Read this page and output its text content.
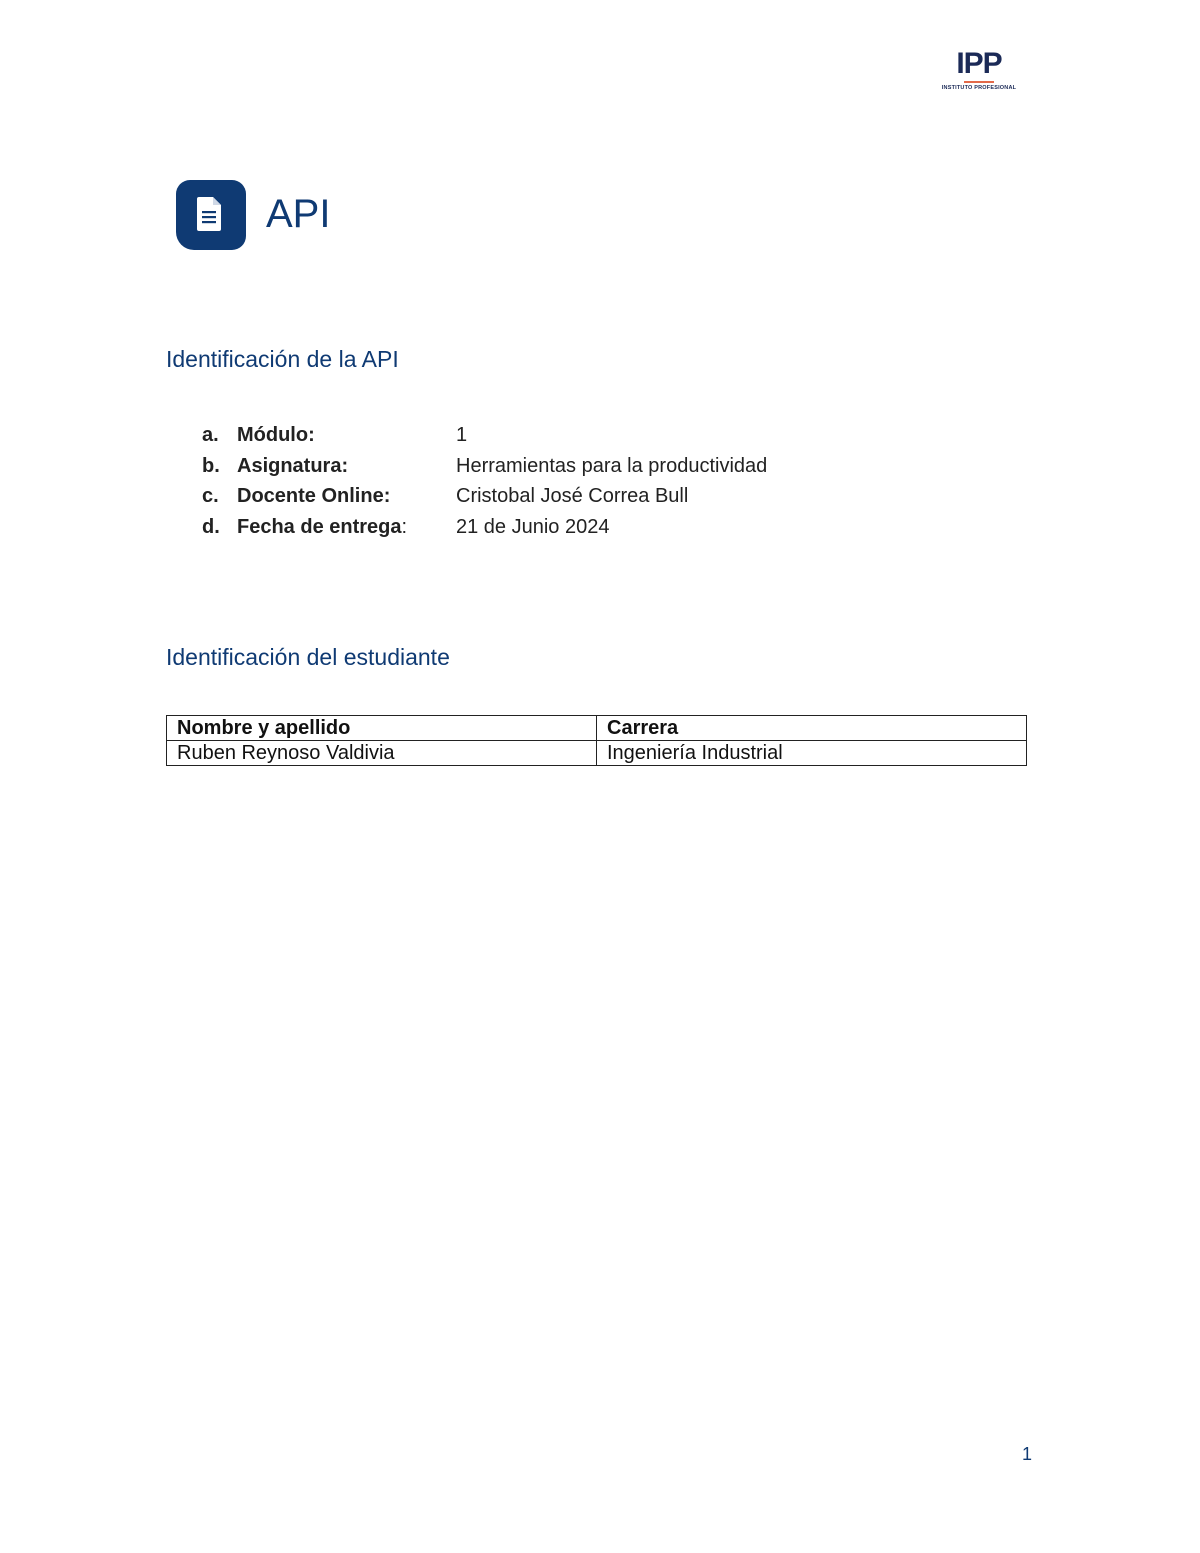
IPP
INSTITUTO PROFESIONAL
API
Identificación de la API
a. Módulo:	1
b. Asignatura:	Herramientas para la productividad
c. Docente Online:	Cristobal José Correa Bull
d. Fecha de entrega:	21 de Junio 2024
Identificación del estudiante
Nombre y apellido	Carrera
Ruben Reynoso Valdivia	Ingeniería Industrial
1
